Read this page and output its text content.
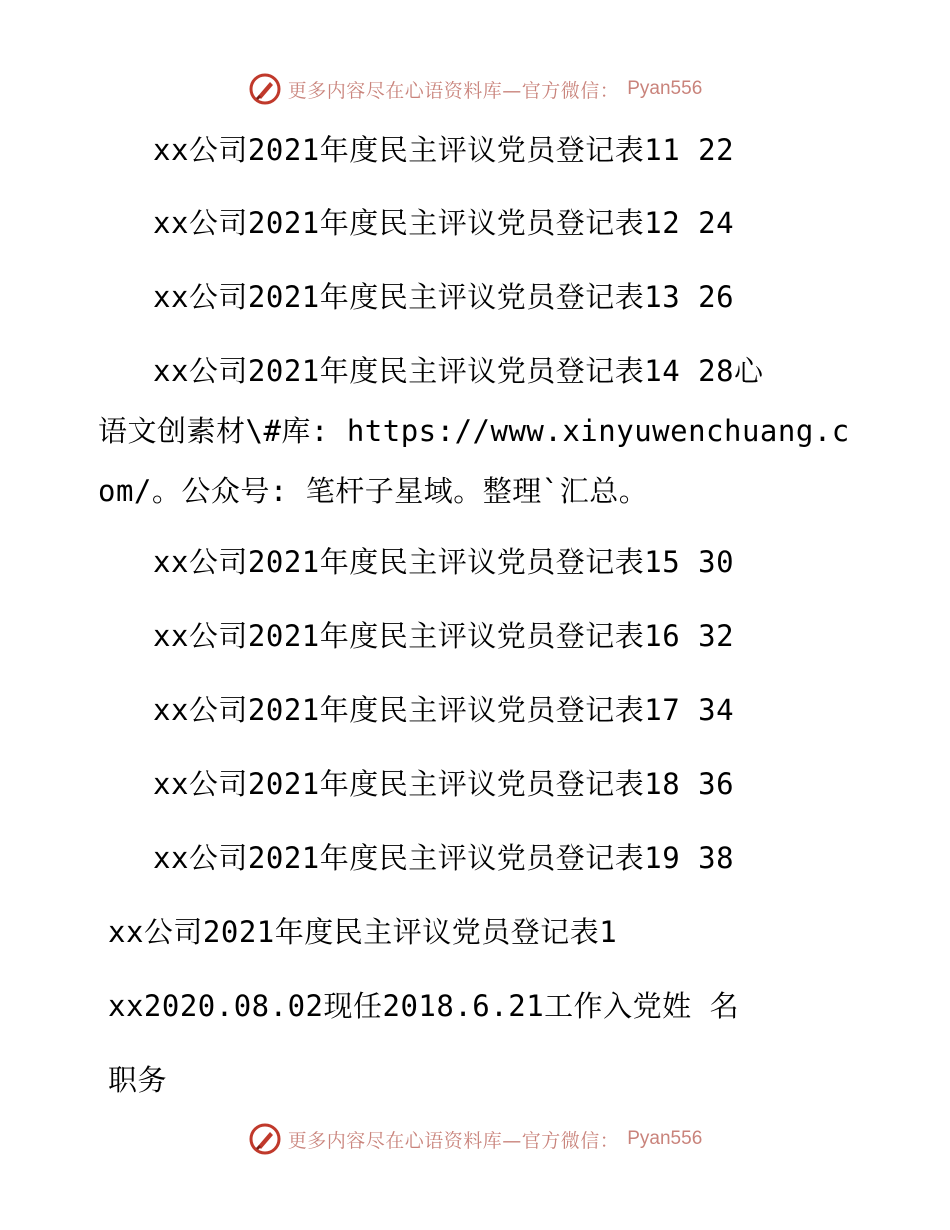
更多内容尽在心语资料库—官方微信： Pyan556
xx公司2021年度民主评议党员登记表11 22
xx公司2021年度民主评议党员登记表12 24
xx公司2021年度民主评议党员登记表13 26
xx公司2021年度民主评议党员登记表14 28心
语文创素材\#库: https://www.xinyuwenchuang.c
om/。公众号: 笔杆子星域。整理`汇总。
xx公司2021年度民主评议党员登记表15 30
xx公司2021年度民主评议党员登记表16 32
xx公司2021年度民主评议党员登记表17 34
xx公司2021年度民主评议党员登记表18 36
xx公司2021年度民主评议党员登记表19 38
xx公司2021年度民主评议党员登记表1
xx2020.08.02现任2018.6.21工作入党姓 名
职务
更多内容尽在心语资料库—官方微信： Pyan556
